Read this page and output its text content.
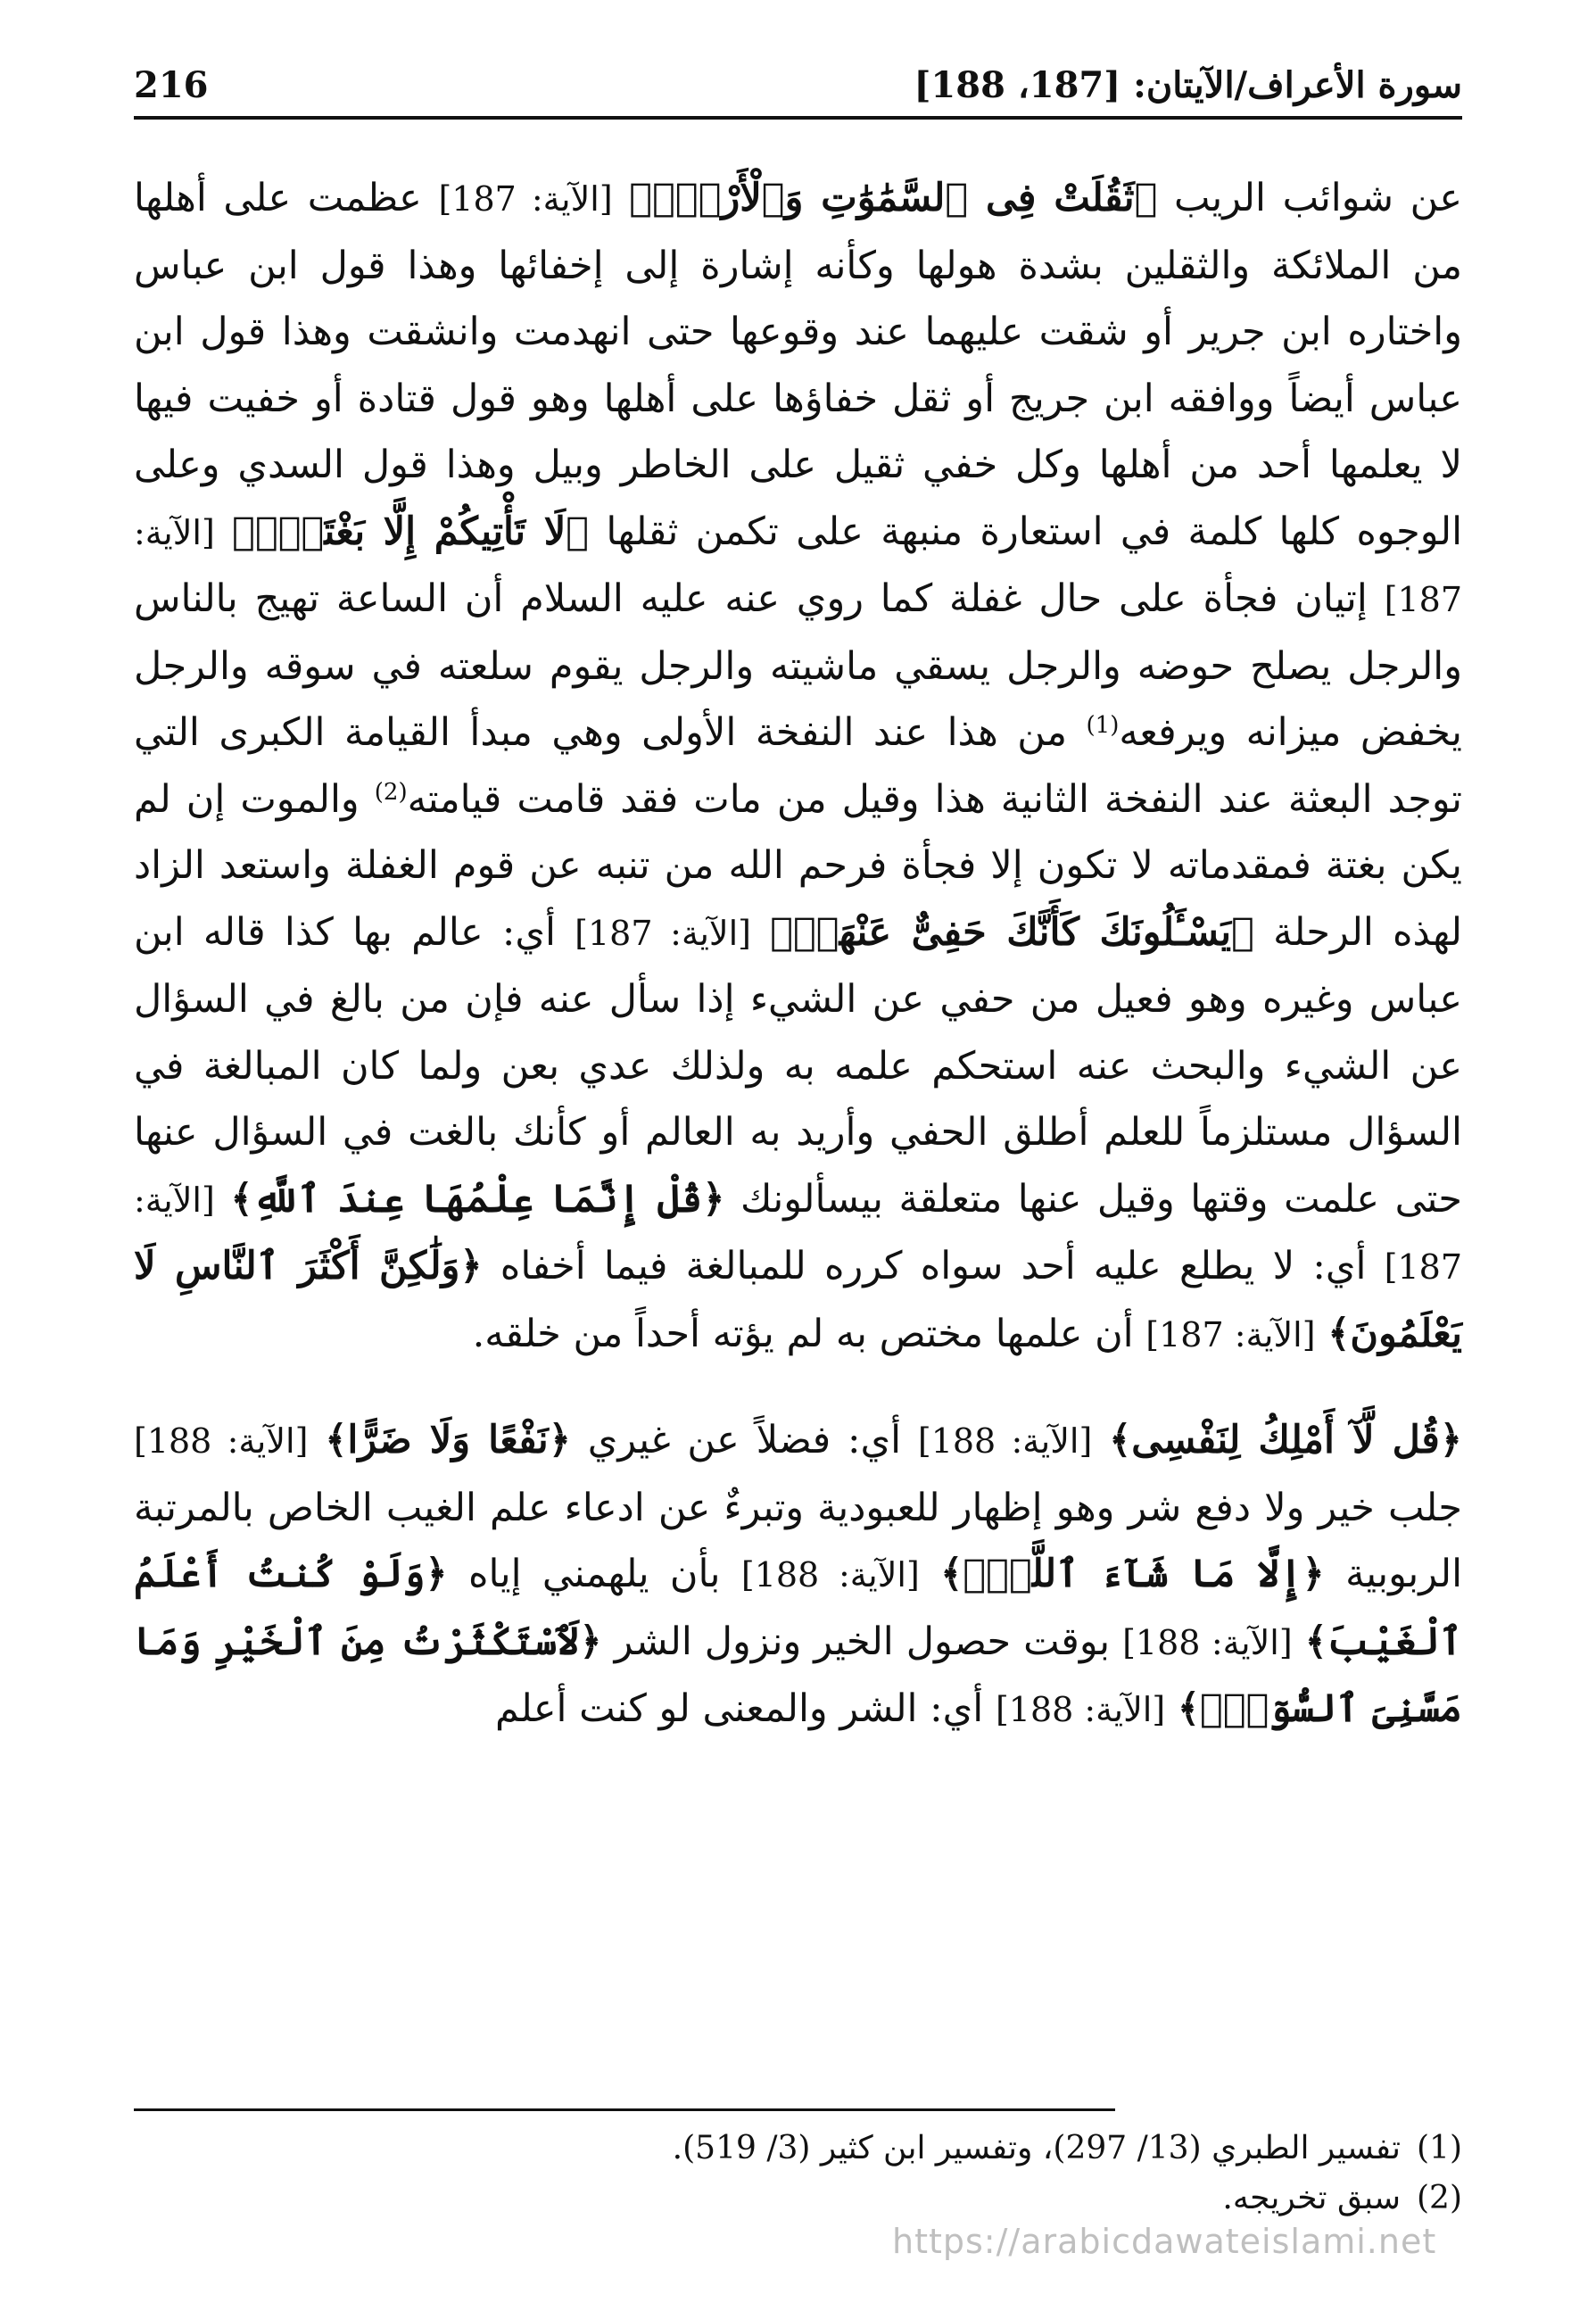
سورة الأعراف/الآيتان: [187، 188]
216

عن شوائب الريب ﴿ثَقُلَتْ فِى ٱلسَّمَٰوَٰتِ وَٱلْأَرْضِۚ﴾ [الآية: 187] عظمت على أهلها من الملائكة والثقلين بشدة هولها وكأنه إشارة إلى إخفائها وهذا قول ابن عباس واختاره ابن جرير أو شقت عليهما عند وقوعها حتى انهدمت وانشقت وهذا قول ابن عباس أيضاً ووافقه ابن جريج أو ثقل خفاؤها على أهلها وهو قول قتادة أو خفيت فيها لا يعلمها أحد من أهلها وكل خفي ثقيل على الخاطر وبيل وهذا قول السدي وعلى الوجوه كلها كلمة في استعارة منبهة على تكمن ثقلها ﴿لَا تَأْتِيكُمْ إِلَّا بَغْتَةًۗ﴾ [الآية: 187] إتيان فجأة على حال غفلة كما روي عنه عليه السلام أن الساعة تهيج بالناس والرجل يصلح حوضه والرجل يسقي ماشيته والرجل يقوم سلعته في سوقه والرجل يخفض ميزانه ويرفعه$^{(1)}$ من هذا عند النفخة الأولى وهي مبدأ القيامة الكبرى التي توجد البعثة عند النفخة الثانية هذا وقيل من مات فقد قامت قيامته$^{(2)}$ والموت إن لم يكن بغتة فمقدماته لا تكون إلا فجأة فرحم الله من تنبه عن قوم الغفلة واستعد الزاد لهذه الرحلة ﴿يَسْـَٔلُونَكَ كَأَنَّكَ حَفِىٌّ عَنْهَاۖ﴾ [الآية: 187] أي: عالم بها كذا قاله ابن عباس وغيره وهو فعيل من حفي عن الشيء إذا سأل عنه فإن من بالغ في السؤال عن الشيء والبحث عنه استحكم علمه به ولذلك عدي بعن ولما كان المبالغة في السؤال مستلزماً للعلم أطلق الحفي وأريد به العالم أو كأنك بالغت في السؤال عنها حتى علمت وقتها وقيل عنها متعلقة بيسألونك ﴿قُلْ إِنَّمَا عِلْمُهَا عِندَ ٱللَّهِ﴾ [الآية: 187] أي: لا يطلع عليه أحد سواه كرره للمبالغة فيما أخفاه ﴿وَلَٰكِنَّ أَكْثَرَ ٱلنَّاسِ لَا يَعْلَمُونَ﴾ [الآية: 187] أن علمها مختص به لم يؤته أحداً من خلقه.

﴿قُل لَّآ أَمْلِكُ لِنَفْسِى﴾ [الآية: 188] أي: فضلاً عن غيري ﴿نَفْعًا وَلَا ضَرًّا﴾ [الآية: 188] جلب خير ولا دفع شر وهو إظهار للعبودية وتبرءٌ عن ادعاء علم الغيب الخاص بالمرتبة الربوبية ﴿إِلَّا مَا شَآءَ ٱللَّهُۚ﴾ [الآية: 188] بأن يلهمني إياه ﴿وَلَوْ كُنتُ أَعْلَمُ ٱلْغَيْبَ﴾ [الآية: 188] بوقت حصول الخير ونزول الشر ﴿لَٱسْتَكْثَرْتُ مِنَ ٱلْخَيْرِ وَمَا مَسَّنِىَ ٱلسُّوٓءُۚ﴾ [الآية: 188] أي: الشر والمعنى لو كنت أعلم

(1)
تفسير الطبري (13/ 297)، وتفسير ابن كثير (3/ 519).
(2)
سبق تخريجه.
https://arabicdawateislami.net
